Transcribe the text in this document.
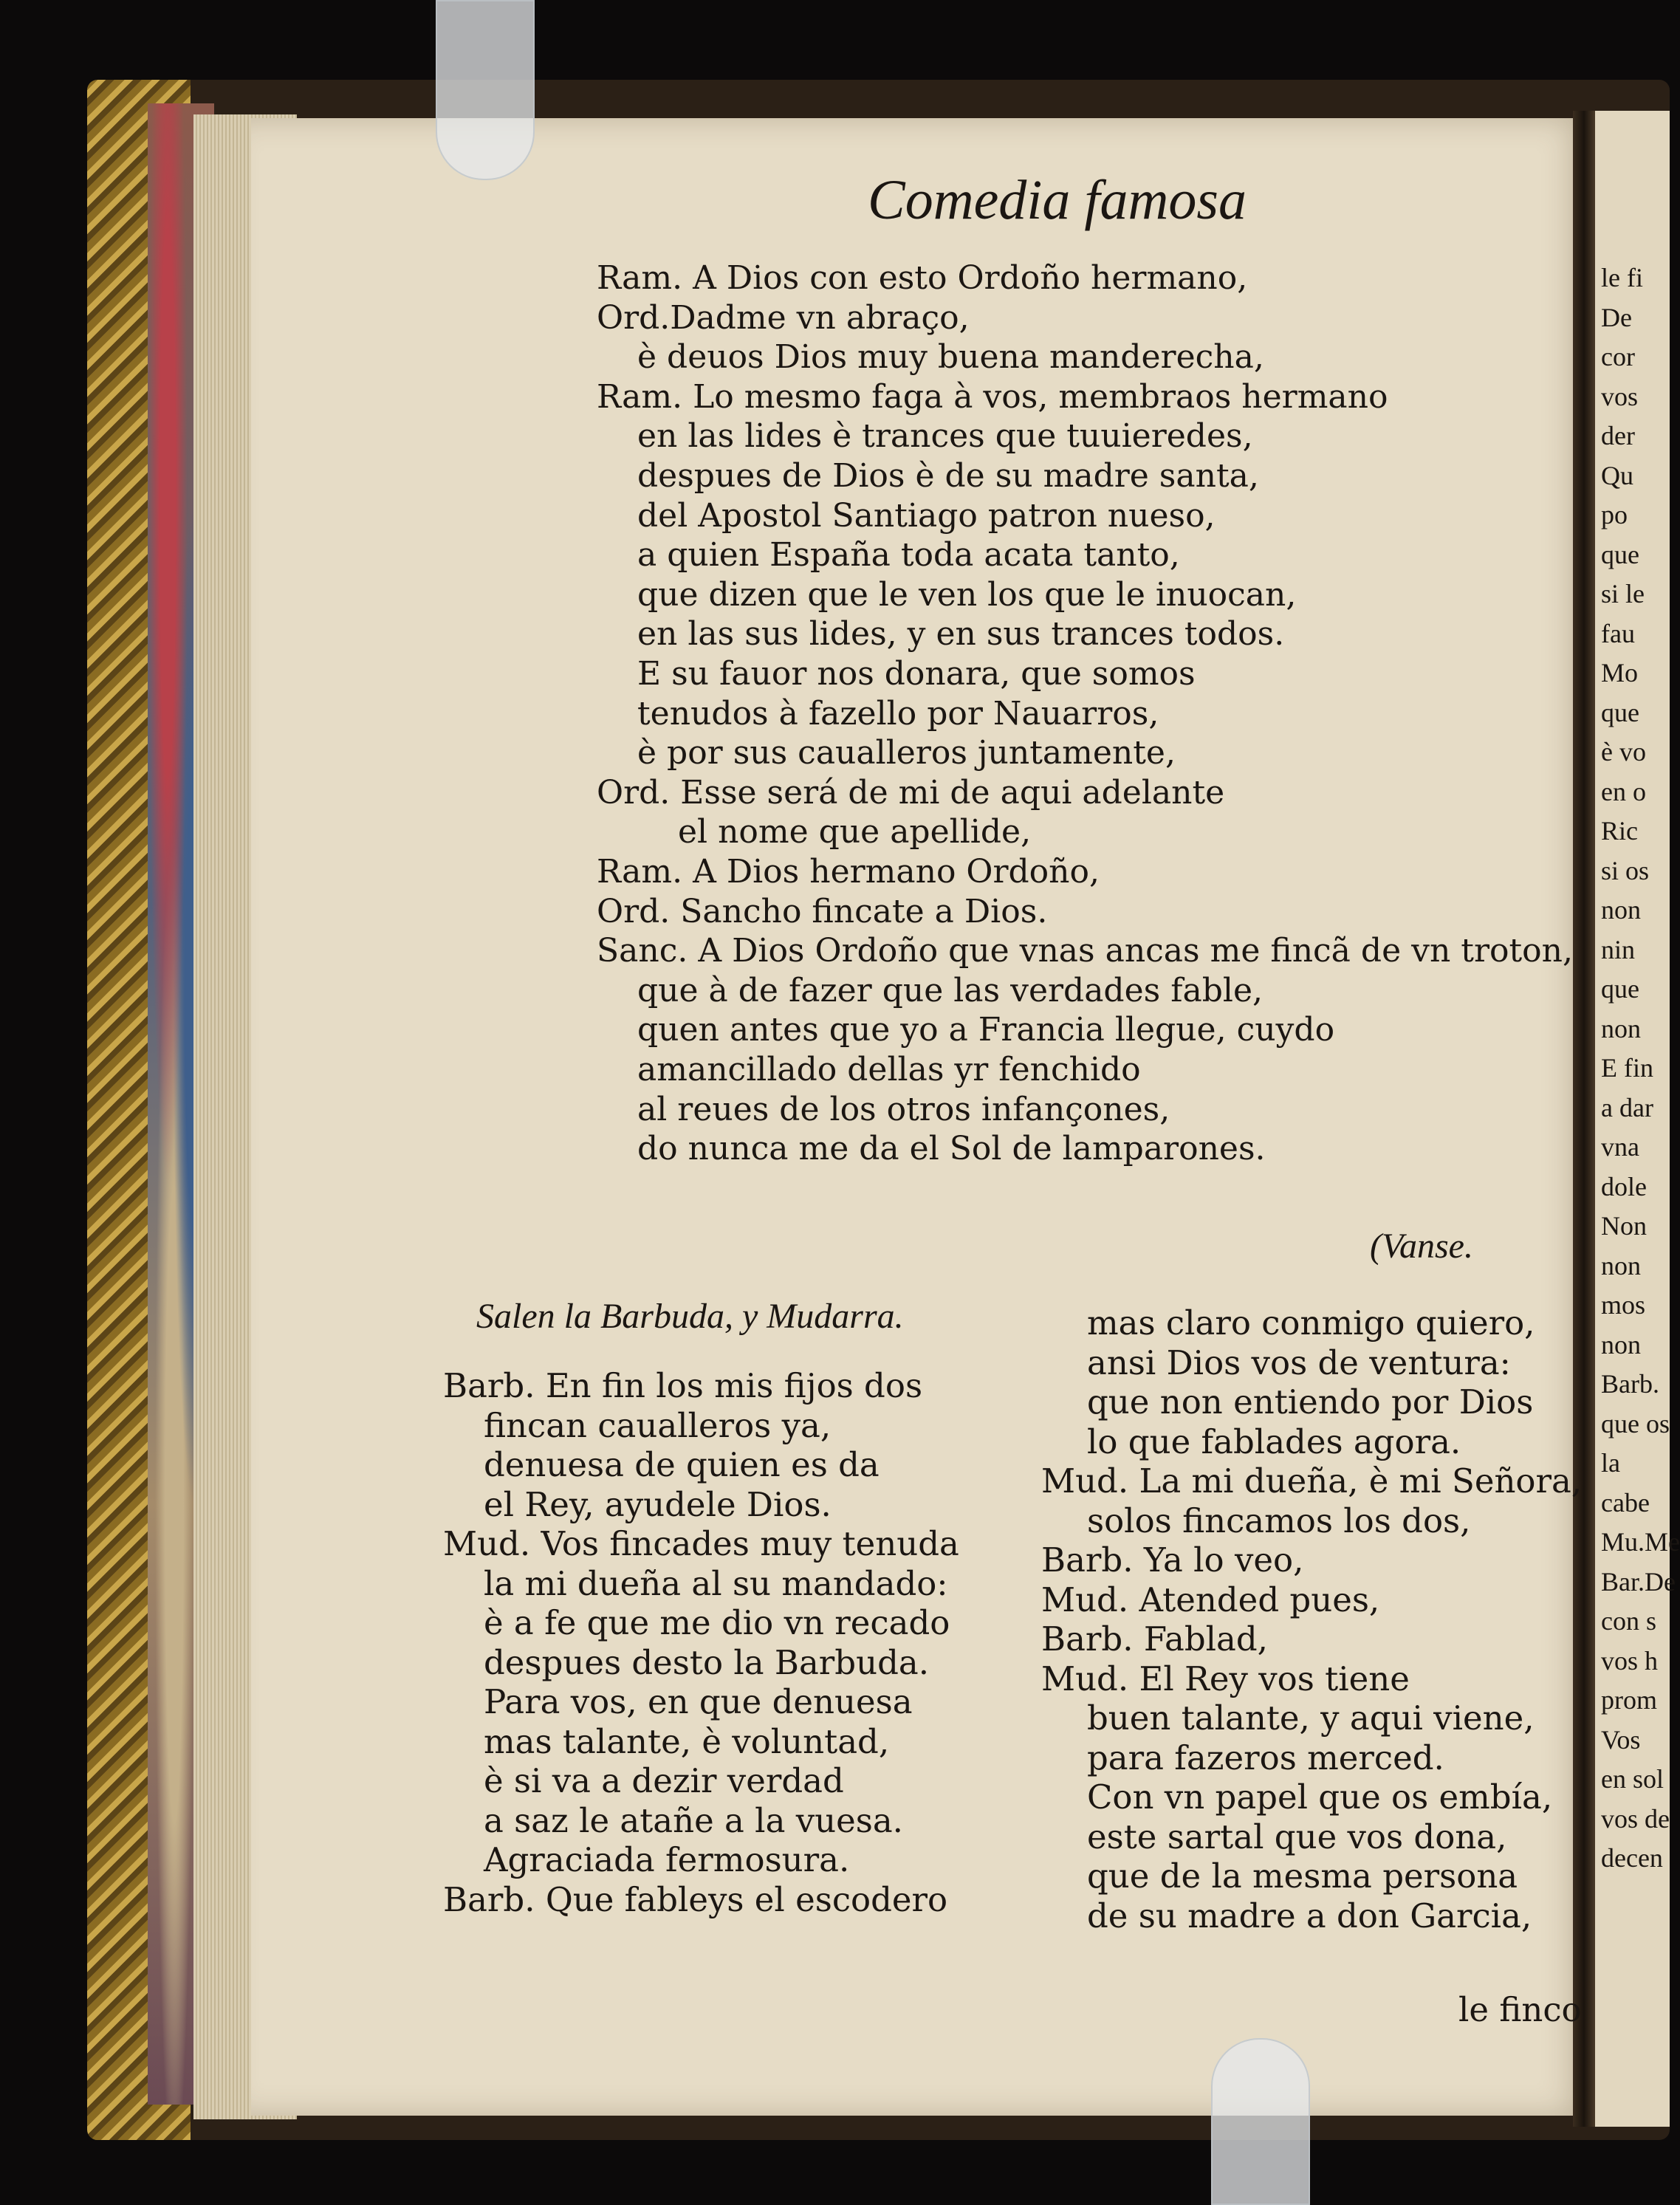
Comedia famosa
Ram. A Dios con esto Ordoño hermano,
Ord.Dadme vn abraço,
è deuos Dios muy buena manderecha,
Ram. Lo mesmo faga à vos, membraos hermano
en las lides è trances que tuuieredes,
despues de Dios è de su madre santa,
del Apostol Santiago patron nueso,
a quien España toda acata tanto,
que dizen que le ven los que le inuocan,
en las sus lides, y en sus trances todos.
E su fauor nos donara, que somos
tenudos à fazello por Nauarros,
è por sus caualleros juntamente,
Ord. Esse será de mi de aqui adelante
el nome que apellide,
Ram. A Dios hermano Ordoño,
Ord. Sancho fincate a Dios.
Sanc. A Dios Ordoño que vnas ancas me fincã de vn troton,
que à de fazer que las verdades fable,
quen antes que yo a Francia llegue, cuydo
amancillado dellas yr fenchido
al reues de los otros infançones,
do nunca me da el Sol de lamparones.
Salen la Barbuda, y Mudarra.
(Vanse.
Barb. En fin los mis fijos dos
fincan caualleros ya,
denuesa de quien es da
el Rey, ayudele Dios.
Mud. Vos fincades muy tenuda
la mi dueña al su mandado:
è a fe que me dio vn recado
despues desto la Barbuda.
Para vos, en que denuesa
mas talante, è voluntad,
è si va a dezir verdad
a saz le atañe a la vuesa.
Agraciada fermosura.
Barb. Que fableys el escodero
mas claro conmigo quiero,
ansi Dios vos de ventura:
que non entiendo por Dios
lo que fablades agora.
Mud. La mi dueña, è mi Señora,
solos fincamos los dos,
Barb. Ya lo veo,
Mud. Atended pues,
Barb. Fablad,
Mud. El Rey vos tiene
buen talante, y aqui viene,
para fazeros merced.
Con vn papel que os embía,
este sartal que vos dona,
que de la mesma persona
de su madre a don Garcia,
le finco
le fi
De
cor
vos
der
Qu
po
que
si le
fau
Mo
que
è vo
en o
Ric
si os
non
nin
que
non
E fin
a dar
vna
dole
Non
non
mos
non
Barb.
que os
la cabe
Mu.Me
Bar.De
con s
vos h
prom
Vos
en sol
vos de
decen
